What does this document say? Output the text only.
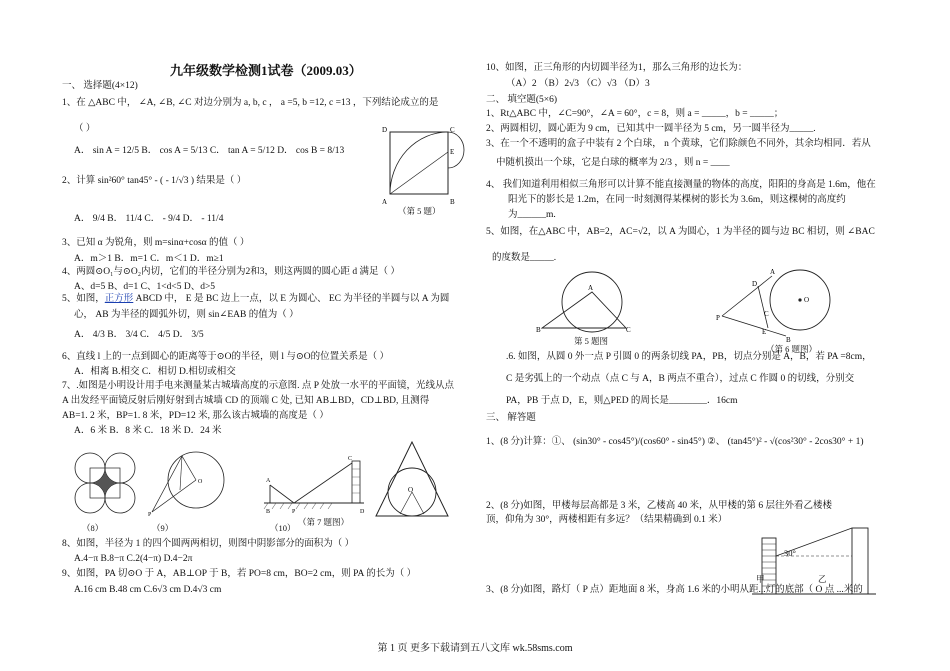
九年级数学检测1试卷（2009.03）
一、 选择题(4×12)
1、在 △ABC 中， ∠A, ∠B, ∠C 对边分别为 a, b, c ， a =5, b =12, c =13 ，下列结论成立的是
（ ）
A． sin A = 12/5 B． cos A = 5/13 C． tan A = 5/12 D． cos B = 8/13
2、计算 sin²60° tan45° - ( - 1/√3 ) 结果是（ ）
A． 9/4 B． 11/4 C． - 9/4 D． - 11/4
3、已知 α 为锐角，则 m=sinα+cosα 的值（ ）
A．m＞1 B．m=1 C．m＜1 D．m≥1
4、两圆⊙O₁与⊙O₂内切，它们的半径分别为2和3，则这两圆的圆心距 d 满足（ ）
A、d=5 B、d=1 C、1<d<5 D、d>5
5、如图，正方形 ABCD 中， E 是 BC 边上一点，以 E 为圆心、 EC 为半径的半圆与以 A 为圆
心， AB 为半径的圆弧外切，则 sin∠EAB 的值为（ ）
A． 4/3 B． 3/4 C． 4/5 D． 3/5
6、直线 l 上的一点到圆心的距离等于⊙O的半径，则 l 与⊙O的位置关系是（ ）
A．相离 B.相交 C．相切 D.相切或相交
7、.如图是小明设计用手电来测量某古城墙高度的示意图. 点 P 处放一水平的平面镜，光线从点
A 出发经平面镜反射后刚好射到古城墙 CD 的顶端 C 处, 已知 AB⊥BD，CD⊥BD, 且测得
AB=1. 2 米，BP=1. 8 米，PD=12 米, 那么该古城墙的高度是（ ）
A．6 米 B．8 米 C．18 米 D．24 米
（8）
P
O
（9）
A
B	P
C
D
（第 7 题图）
（10）
O
8、如图，半径为 1 的四个圆两两相切，则图中阴影部分的面积为（ ）
A.4−π B.8−π C.2(4−π) D.4−2π
9、如图，PA 切⊙O 于 A，AB⊥OP 于 B，若 PO=8 cm，BO=2 cm，则 PA 的长为（ ）
A.16 cm B.48 cm C.6√3 cm D.4√3 cm
D	C
E
A	B
（第 5 题）
10、如图，正三角形的内切圆半径为1，那么三角形的边长为：
（A）2 （B）2√3 （C）√3 （D）3
二、 填空题(5×6)
1、Rt△ABC 中，∠C=90°，∠A = 60°，c = 8，则 a = _____，b = _____；
2、两圆相切，圆心距为 9 cm，已知其中一圆半径为 5 cm，另一圆半径为_____.
3、在一个不透明的盒子中装有 2 个白球， n 个黄球，它们除颜色不同外，其余均相同．若从
中随机摸出一个球，它是白球的概率为 2/3 ，则 n = ____
4、 我们知道利用相似三角形可以计算不能直接测量的物体的高度，阳阳的身高是 1.6m，他在
阳光下的影长是 1.2m，在同一时刻测得某棵树的影长为 3.6m，则这棵树的高度约
为______m.
5、如图，在△ABC 中，AB=2，AC=√2，以 A 为圆心，1 为半径的圆与边 BC 相切，则 ∠BAC
的度数是_____.
A
B	C
第 5 题图
O
A
D
C
E
B
P
（第 6 题图）
.6. 如图，从圆 0 外一点 P 引圆 0 的两条切线 PA，PB，切点分别是 A，B，若 PA =8cm，
C 是劣弧上的一个动点（点 C 与 A，B 两点不重合），过点 C 作圆 0 的切线，分别交
PA，PB 于点 D，E，则△PED 的周长是________．16cm
三、 解答题
1、(8 分)计算：①、 (sin30° - cos45°)/(cos60° - sin45°) ②、 (tan45°)² - √(cos²30° - 2cos30° + 1)
2、(8 分)如图，甲楼每层高都是 3 米，乙楼高 40 米，从甲楼的第 6 层往外看乙楼楼
顶，仰角为 30°，两楼相距有多远？（结果精确到 0.1 米）
30°
甲	乙
3、(8 分)如图，路灯（ P 点）距地面 8 米，身高 1.6 米的小明从距...灯的底部（ O 点 ...米的
第 1 页 更多下载请到五八文库 wk.58sms.com
